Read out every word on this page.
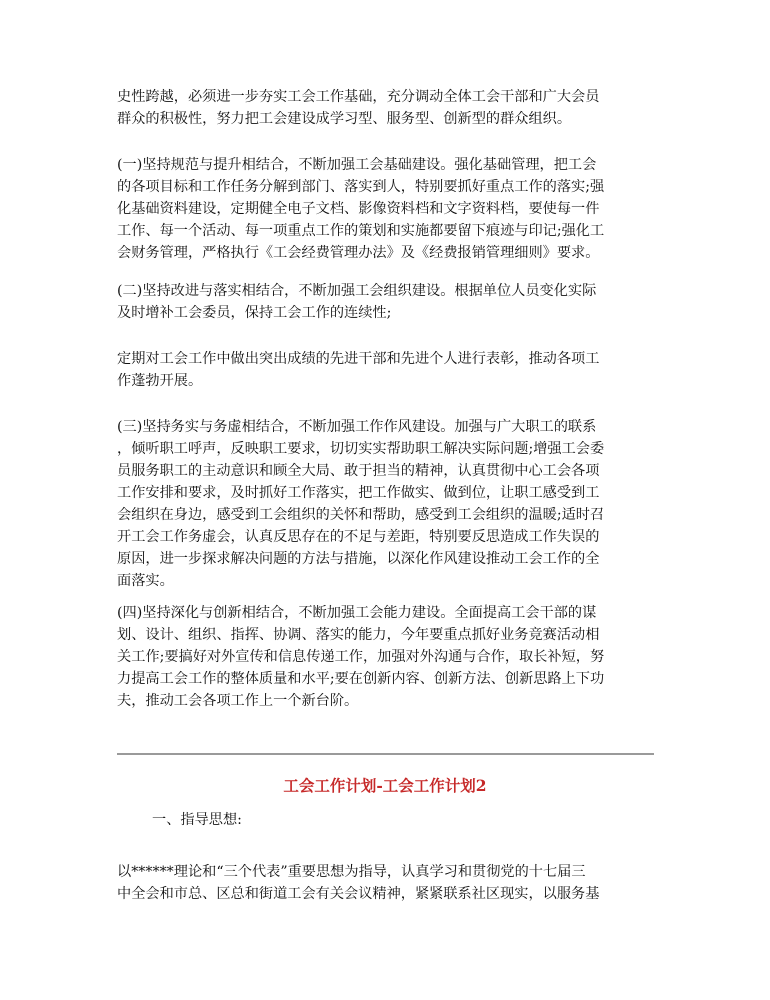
史性跨越，必须进一步夯实工会工作基础，充分调动全体工会干部和广大会员
群众的积极性，努力把工会建设成学习型、服务型、创新型的群众组织。

(一)坚持规范与提升相结合，不断加强工会基础建设。强化基础管理，把工会
的各项目标和工作任务分解到部门、落实到人，特别要抓好重点工作的落实;强
化基础资料建设，定期健全电子文档、影像资料档和文字资料档，要使每一件
工作、每一个活动、每一项重点工作的策划和实施都要留下痕迹与印记;强化工
会财务管理，严格执行《工会经费管理办法》及《经费报销管理细则》要求。

(二)坚持改进与落实相结合，不断加强工会组织建设。根据单位人员变化实际
及时增补工会委员，保持工会工作的连续性;

定期对工会工作中做出突出成绩的先进干部和先进个人进行表彰，推动各项工
作蓬勃开展。

(三)坚持务实与务虚相结合，不断加强工作作风建设。加强与广大职工的联系
，倾听职工呼声，反映职工要求，切切实实帮助职工解决实际问题;增强工会委
员服务职工的主动意识和顾全大局、敢于担当的精神，认真贯彻中心工会各项
工作安排和要求，及时抓好工作落实，把工作做实、做到位，让职工感受到工
会组织在身边，感受到工会组织的关怀和帮助，感受到工会组织的温暖;适时召
开工会工作务虚会，认真反思存在的不足与差距，特别要反思造成工作失误的
原因，进一步探求解决问题的方法与措施，以深化作风建设推动工会工作的全
面落实。

(四)坚持深化与创新相结合，不断加强工会能力建设。全面提高工会干部的谋
划、设计、组织、指挥、协调、落实的能力，今年要重点抓好业务竞赛活动相
关工作;要搞好对外宣传和信息传递工作，加强对外沟通与合作，取长补短，努
力提高工会工作的整体质量和水平;要在创新内容、创新方法、创新思路上下功
夫，推动工会各项工作上一个新台阶。

工会工作计划-工会工作计划2

一、指导思想:

以******理论和“三个代表”重要思想为指导，认真学习和贯彻党的十七届三
中全会和市总、区总和街道工会有关会议精神，紧紧联系社区现实，以服务基
